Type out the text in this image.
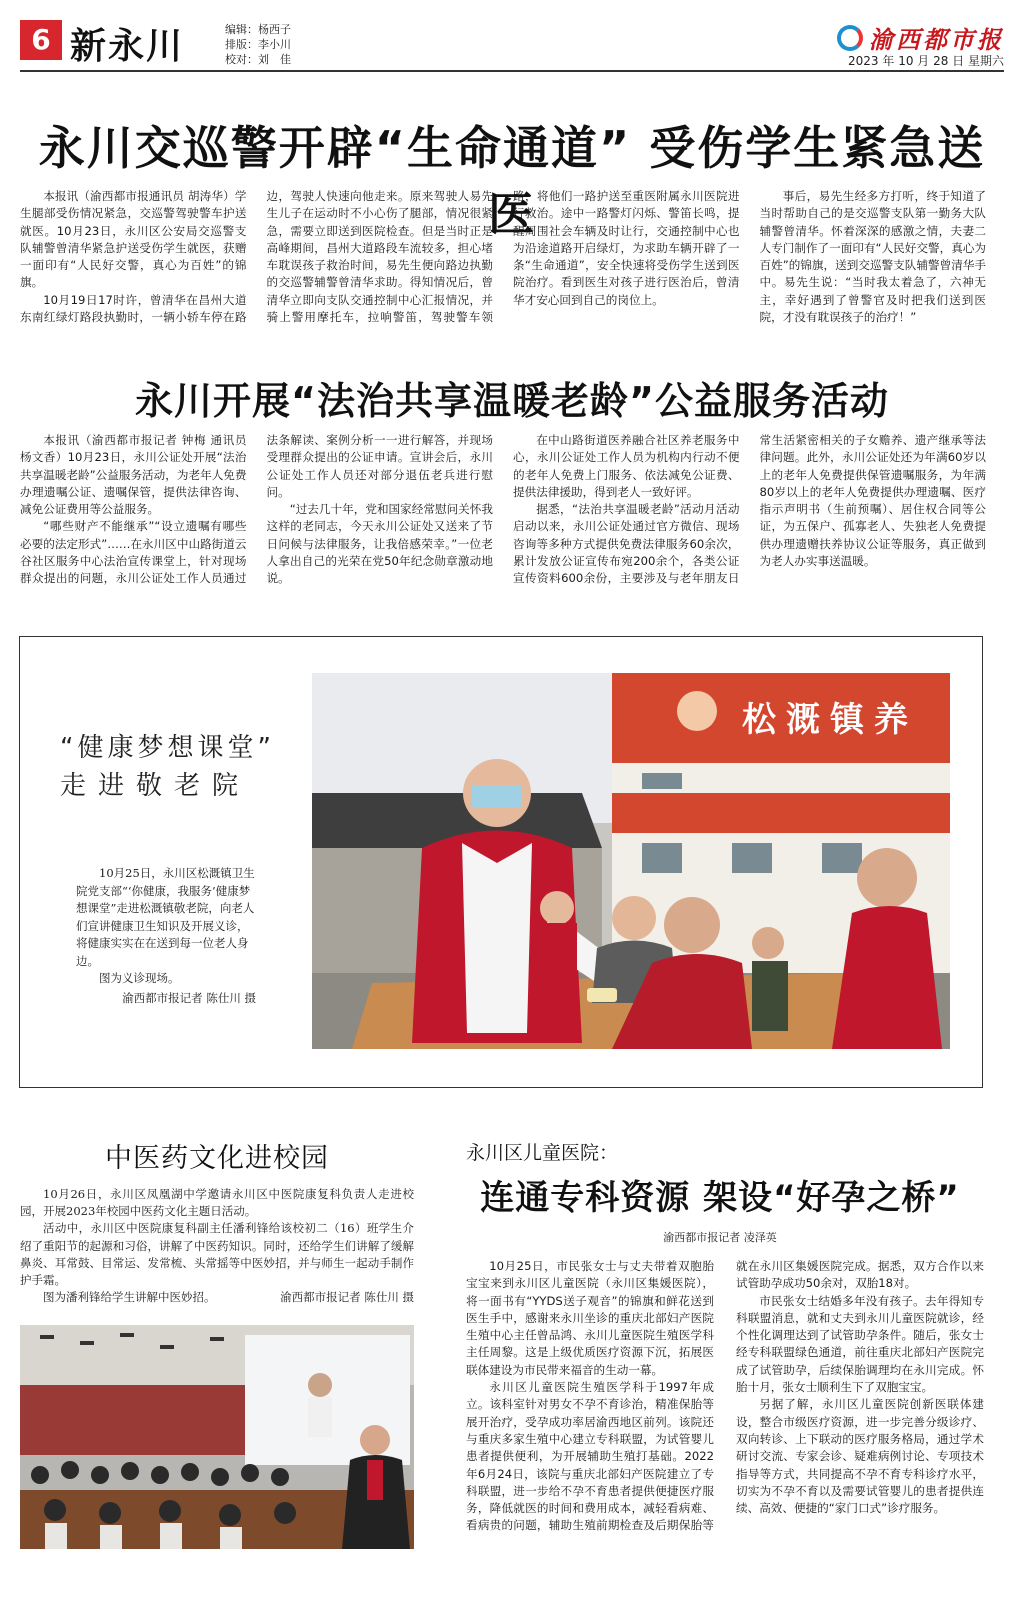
6 新永川	编辑：杨西子
排版：李小川
校对：刘　佳
渝西都市报
2023 年 10 月 28 日 星期六
永川交巡警开辟“生命通道” 受伤学生紧急送医

本报讯（渝西都市报通讯员 胡涛华）学生腿部受伤情况紧急，交巡警驾驶警车护送就医。10月23日，永川区公安局交巡警支队辅警曾清华紧急护送受伤学生就医，获赠一面印有“人民好交警，真心为百姓”的锦旗。

10月19日17时许，曾清华在昌州大道东南红绿灯路段执勤时，一辆小轿车停在路边，驾驶人快速向他走来。原来驾驶人易先生儿子在运动时不小心伤了腿部，情况很紧急，需要立即送到医院检查。但是当时正是高峰期间，昌州大道路段车流较多，担心堵车耽误孩子救治时间，易先生便向路边执勤的交巡警辅警曾清华求助。得知情况后，曾清华立即向支队交通控制中心汇报情况，并骑上警用摩托车，拉响警笛，驾驶警车领路，将他们一路护送至重医附属永川医院进行救治。途中一路警灯闪烁、警笛长鸣，提醒周围社会车辆及时让行，交通控制中心也为沿途道路开启绿灯，为求助车辆开辟了一条“生命通道”，安全快速将受伤学生送到医院治疗。看到医生对孩子进行医治后，曾清华才安心回到自己的岗位上。

事后，易先生经多方打听，终于知道了当时帮助自己的是交巡警支队第一勤务大队辅警曾清华。怀着深深的感激之情，夫妻二人专门制作了一面印有“人民好交警，真心为百姓”的锦旗，送到交巡警支队辅警曾清华手中。易先生说：“当时我太着急了，六神无主，幸好遇到了曾警官及时把我们送到医院，才没有耽误孩子的治疗！”

永川开展“法治共享温暖老龄”公益服务活动

本报讯（渝西都市报记者 钟梅 通讯员 杨文香）10月23日，永川公证处开展“法治共享温暖老龄”公益服务活动，为老年人免费办理遗嘱公证、遗嘱保管，提供法律咨询、减免公证费用等公益服务。

“哪些财产不能继承”“设立遗嘱有哪些必要的法定形式”……在永川区中山路街道云谷社区服务中心法治宣传课堂上，针对现场群众提出的问题，永川公证处工作人员通过法条解读、案例分析一一进行解答，并现场受理群众提出的公证申请。宣讲会后，永川公证处工作人员还对部分退伍老兵进行慰问。

“过去几十年，党和国家经常慰问关怀我这样的老同志，今天永川公证处又送来了节日问候与法律服务，让我倍感荣幸。”一位老人拿出自己的光荣在党50年纪念勋章激动地说。

在中山路街道医养融合社区养老服务中心，永川公证处工作人员为机构内行动不便的老年人免费上门服务、依法减免公证费、提供法律援助，得到老人一致好评。

据悉，“法治共享温暖老龄”活动月活动启动以来，永川公证处通过官方微信、现场咨询等多种方式提供免费法律服务60余次，累计发放公证宣传布宛200余个，各类公证宣传资料600余份，主要涉及与老年朋友日常生活紧密相关的子女赡养、遗产继承等法律问题。此外，永川公证处还为年满60岁以上的老年人免费提供保管遗嘱服务，为年满80岁以上的老年人免费提供办理遗嘱、医疗指示声明书（生前预嘱）、居住权合同等公证，为五保户、孤寡老人、失独老人免费提供办理遗赠扶养协议公证等服务，真正做到为老人办实事送温暖。

“健康梦想课堂”
走进敬老院

10月25日，永川区松溉镇卫生院党支部“‘你健康，我服务’健康梦想课堂”走进松溉镇敬老院，向老人们宣讲健康卫生知识及开展义诊，将健康实实在在送到每一位老人身边。

图为义诊现场。

渝西都市报记者 陈仕川 摄

松溉镇养
中医药文化进校园

10月26日，永川区凤凰湖中学邀请永川区中医院康复科负责人走进校园，开展2023年校园中医药文化主题日活动。

活动中，永川区中医院康复科副主任潘利锋给该校初二（16）班学生介绍了重阳节的起源和习俗，讲解了中医药知识。同时，还给学生们讲解了缓解鼻炎、耳常鼓、目常运、发常梳、头常摇等中医妙招，并与师生一起动手制作护手霜。

图为潘利锋给学生讲解中医妙招。	渝西都市报记者 陈仕川 摄

永川区儿童医院：
连通专科资源 架设“好孕之桥”
渝西都市报记者 凌泽英

10月25日，市民张女士与丈夫带着双胞胎宝宝来到永川区儿童医院（永川区集媛医院），将一面书有“YYDS送子观音”的锦旗和鲜花送到医生手中，感谢来永川坐诊的重庆北部妇产医院生殖中心主任曾品鸿、永川儿童医院生殖医学科主任周黎。这是上级优质医疗资源下沉，拓展医联体建设为市民带来福音的生动一幕。

永川区儿童医院生殖医学科于1997年成立。该科室针对男女不孕不育诊治，精准保胎等展开治疗，受孕成功率居渝西地区前列。该院还与重庆多家生殖中心建立专科联盟，为试管婴儿患者提供便利，为开展辅助生殖打基础。2022年6月24日，该院与重庆北部妇产医院建立了专科联盟，进一步给不孕不育患者提供便捷医疗服务，降低就医的时间和费用成本，减轻看病难、看病贵的问题，辅助生殖前期检查及后期保胎等就在永川区集媛医院完成。据悉，双方合作以来试管助孕成功50余对，双胎18对。

市民张女士结婚多年没有孩子。去年得知专科联盟消息，就和丈夫到永川儿童医院就诊，经个性化调理达到了试管助孕条件。随后，张女士经专科联盟绿色通道，前往重庆北部妇产医院完成了试管助孕，后续保胎调理均在永川完成。怀胎十月，张女士顺利生下了双胞宝宝。

另据了解，永川区儿童医院创新医联体建设，整合市级医疗资源，进一步完善分级诊疗、双向转诊、上下联动的医疗服务格局，通过学术研讨交流、专家会诊、疑难病例讨论、专项技术指导等方式，共同提高不孕不育专科诊疗水平，切实为不孕不育以及需要试管婴儿的患者提供连续、高效、便捷的“家门口式”诊疗服务。
